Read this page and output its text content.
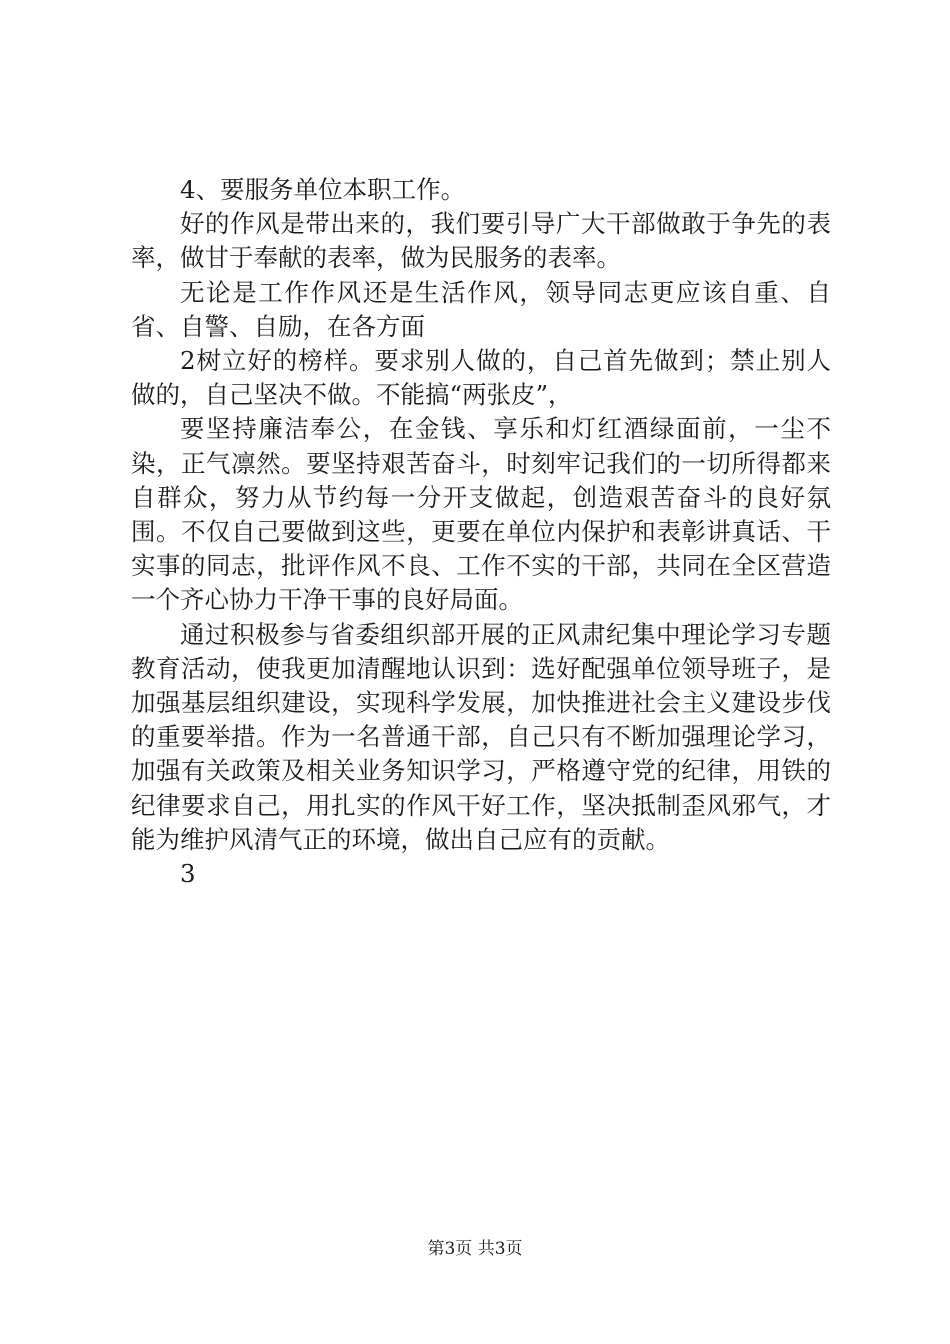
4、要服务单位本职工作。

好的作风是带出来的，我们要引导广大干部做敢于争先的表率，做甘于奉献的表率，做为民服务的表率。

无论是工作作风还是生活作风，领导同志更应该自重、自省、自警、自励，在各方面

2树立好的榜样。要求别人做的，自己首先做到；禁止别人做的，自己坚决不做。不能搞“两张皮”，

要坚持廉洁奉公，在金钱、享乐和灯红酒绿面前，一尘不染，正气凛然。要坚持艰苦奋斗，时刻牢记我们的一切所得都来自群众，努力从节约每一分开支做起，创造艰苦奋斗的良好氛围。不仅自己要做到这些，更要在单位内保护和表彰讲真话、干实事的同志，批评作风不良、工作不实的干部，共同在全区营造一个齐心协力干净干事的良好局面。

通过积极参与省委组织部开展的正风肃纪集中理论学习专题教育活动，使我更加清醒地认识到：选好配强单位领导班子，是加强基层组织建设，实现科学发展，加快推进社会主义建设步伐的重要举措。作为一名普通干部，自己只有不断加强理论学习，加强有关政策及相关业务知识学习，严格遵守党的纪律，用铁的纪律要求自己，用扎实的作风干好工作，坚决抵制歪风邪气，才能为维护风清气正的环境，做出自己应有的贡献。

3

第3页 共3页
